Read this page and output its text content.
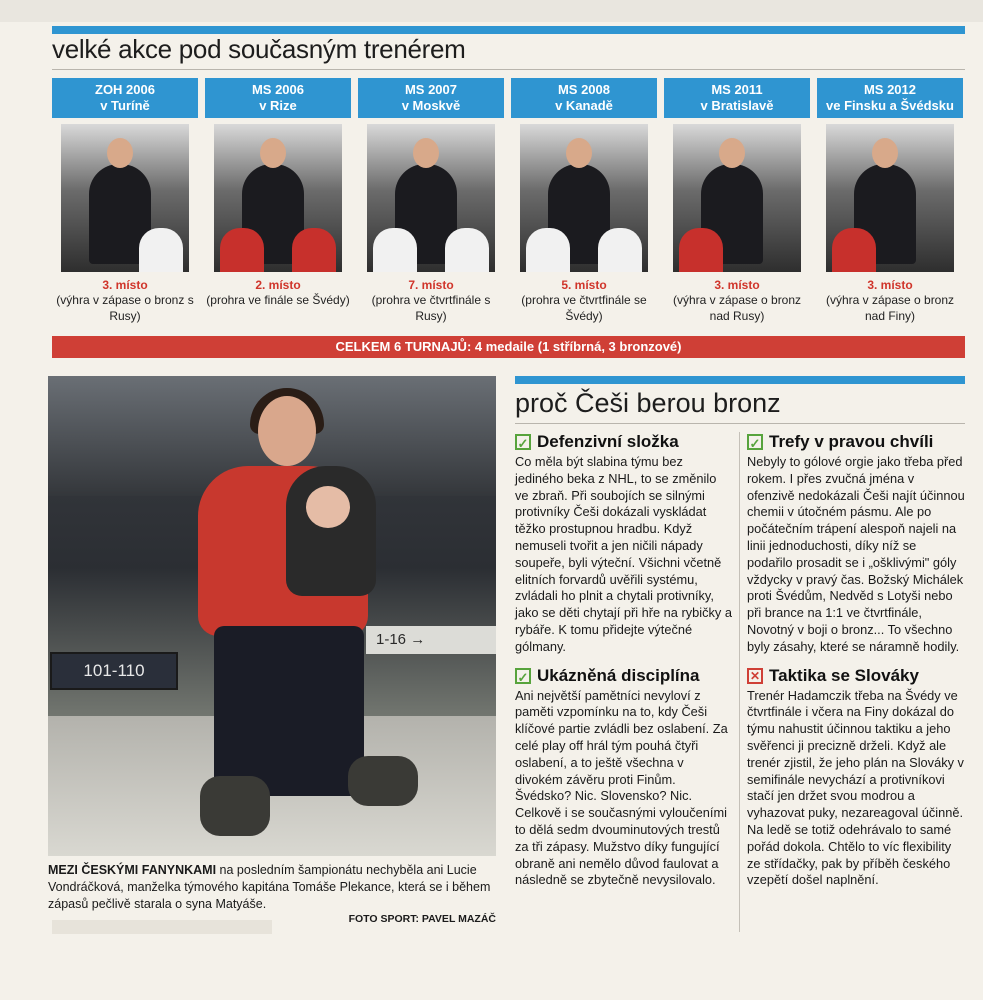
velké akce pod současným trenérem
ZOH 2006
v Turíně
3. místo
(výhra v zápase o bronz s Rusy)
MS 2006
v Rize
2. místo
(prohra ve finále se Švédy)
MS 2007
v Moskvě
7. místo
(prohra ve čtvrtfinále s Rusy)
MS 2008
v Kanadě
5. místo
(prohra ve čtvrtfinále se Švédy)
MS 2011
v Bratislavě
3. místo
(výhra v zápase o bronz nad Rusy)
MS 2012
ve Finsku a Švédsku
3. místo
(výhra v zápase o bronz nad Finy)
CELKEM 6 TURNAJŮ: 4 medaile (1 stříbrná, 3 bronzové)
101-110
1-16 →
MEZI ČESKÝMI FANYNKAMI na posledním šampionátu nechyběla ani Lucie Vondráčková, manželka týmového kapitána Tomáše Plekance, která se i během zápasů pečlivě starala o syna Matyáše.
FOTO SPORT: PAVEL MAZÁČ
proč Češi berou bronz
✓ Defenzivní složka
Co měla být slabina týmu bez jediného beka z NHL, to se změnilo ve zbraň. Při soubojích se silnými protivníky Češi dokázali vyskládat těžko prostupnou hradbu. Když nemuseli tvořit a jen ničili nápady soupeře, byli výteční. Všichni včetně elitních forvardů uvěřili systému, zvládali ho plnit a chytali protivníky, jako se děti chytají při hře na rybičky a rybáře. K tomu přidejte výtečné gólmany.
✓ Ukázněná disciplína
Ani největší pamětníci nevyloví z paměti vzpomínku na to, kdy Češi klíčové partie zvládli bez oslabení. Za celé play off hrál tým pouhá čtyři oslabení, a to ještě všechna v divokém závěru proti Finům. Švédsko? Nic. Slovensko? Nic. Celkově i se současnými vyloučeními to dělá sedm dvouminutových trestů za tři zápasy. Mužstvo díky fungující obraně ani nemělo důvod faulovat a následně se zbytečně nevysilovalo.
✓ Trefy v pravou chvíli
Nebyly to gólové orgie jako třeba před rokem. I přes zvučná jména v ofenzivě nedokázali Češi najít účinnou chemii v útočném pásmu. Ale po počátečním trápení alespoň najeli na linii jednoduchosti, díky níž se podařilo prosadit se i „ošklivými" góly vždycky v pravý čas. Božský Michálek proti Švédům, Nedvěd s Lotyši nebo při brance na 1:1 ve čtvrtfinále, Novotný v boji o bronz... To všechno byly zásahy, které se náramně hodily.
✕ Taktika se Slováky
Trenér Hadamczik třeba na Švédy ve čtvrtfinále i včera na Finy dokázal do týmu nahustit účinnou taktiku a jeho svěřenci ji precizně drželi. Když ale trenér zjistil, že jeho plán na Slováky v semifinále nevychází a protivníkovi stačí jen držet svou modrou a vyhazovat puky, nezareagoval účinně. Na ledě se totiž odehrávalo to samé pořád dokola. Chtělo to víc flexibility ze střídačky, pak by příběh českého vzepětí došel naplnění.
